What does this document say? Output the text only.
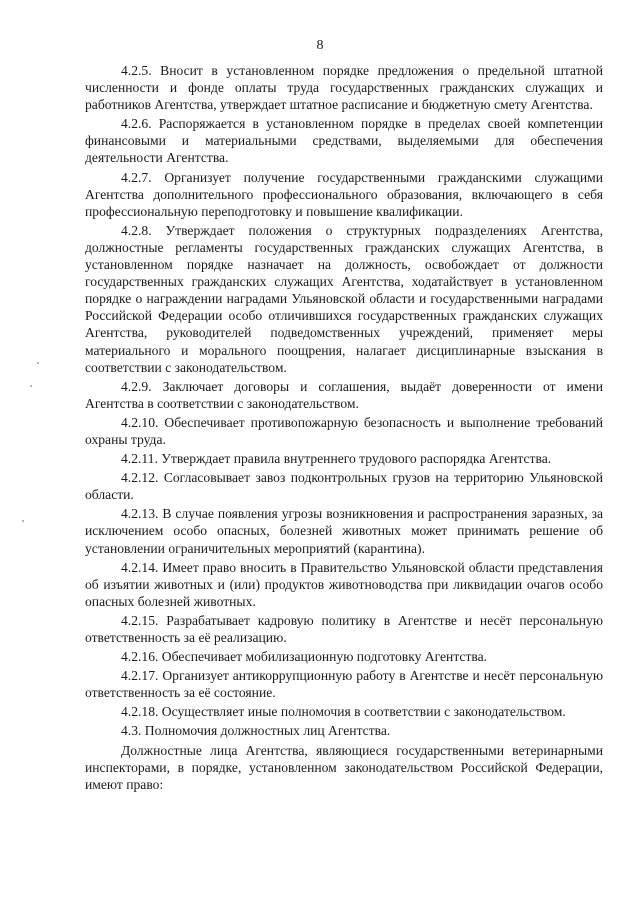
8

4.2.5. Вносит в установленном порядке предложения о предельной штатной численности и фонде оплаты труда государственных гражданских служащих и работников Агентства, утверждает штатное расписание и бюджетную смету Агентства.

4.2.6. Распоряжается в установленном порядке в пределах своей компетенции финансовыми и материальными средствами, выделяемыми для обеспечения деятельности Агентства.

4.2.7. Организует получение государственными гражданскими служащими Агентства дополнительного профессионального образования, включающего в себя профессиональную переподготовку и повышение квалификации.

4.2.8. Утверждает положения о структурных подразделениях Агентства, должностные регламенты государственных гражданских служащих Агентства, в установленном порядке назначает на должность, освобождает от должности государственных гражданских служащих Агентства, ходатайствует в установленном порядке о награждении наградами Ульяновской области и государственными наградами Российской Федерации особо отличившихся государственных гражданских служащих Агентства, руководителей подведомственных учреждений, применяет меры материального и морального поощрения, налагает дисциплинарные взыскания в соответствии с законодательством.

4.2.9. Заключает договоры и соглашения, выдаёт доверенности от имени Агентства в соответствии с законодательством.

4.2.10. Обеспечивает противопожарную безопасность и выполнение требований охраны труда.

4.2.11. Утверждает правила внутреннего трудового распорядка Агентства.

4.2.12. Согласовывает завоз подконтрольных грузов на территорию Ульяновской области.

4.2.13. В случае появления угрозы возникновения и распространения заразных, за исключением особо опасных, болезней животных может принимать решение об установлении ограничительных мероприятий (карантина).

4.2.14. Имеет право вносить в Правительство Ульяновской области представления об изъятии животных и (или) продуктов животноводства при ликвидации очагов особо опасных болезней животных.

4.2.15. Разрабатывает кадровую политику в Агентстве и несёт персональную ответственность за её реализацию.

4.2.16. Обеспечивает мобилизационную подготовку Агентства.

4.2.17. Организует антикоррупционную работу в Агентстве и несёт персональную ответственность за её состояние.

4.2.18. Осуществляет иные полномочия в соответствии с законодательством.

4.3. Полномочия должностных лиц Агентства.

Должностные лица Агентства, являющиеся государственными ветеринарными инспекторами, в порядке, установленном законодательством Российской Федерации, имеют право:
